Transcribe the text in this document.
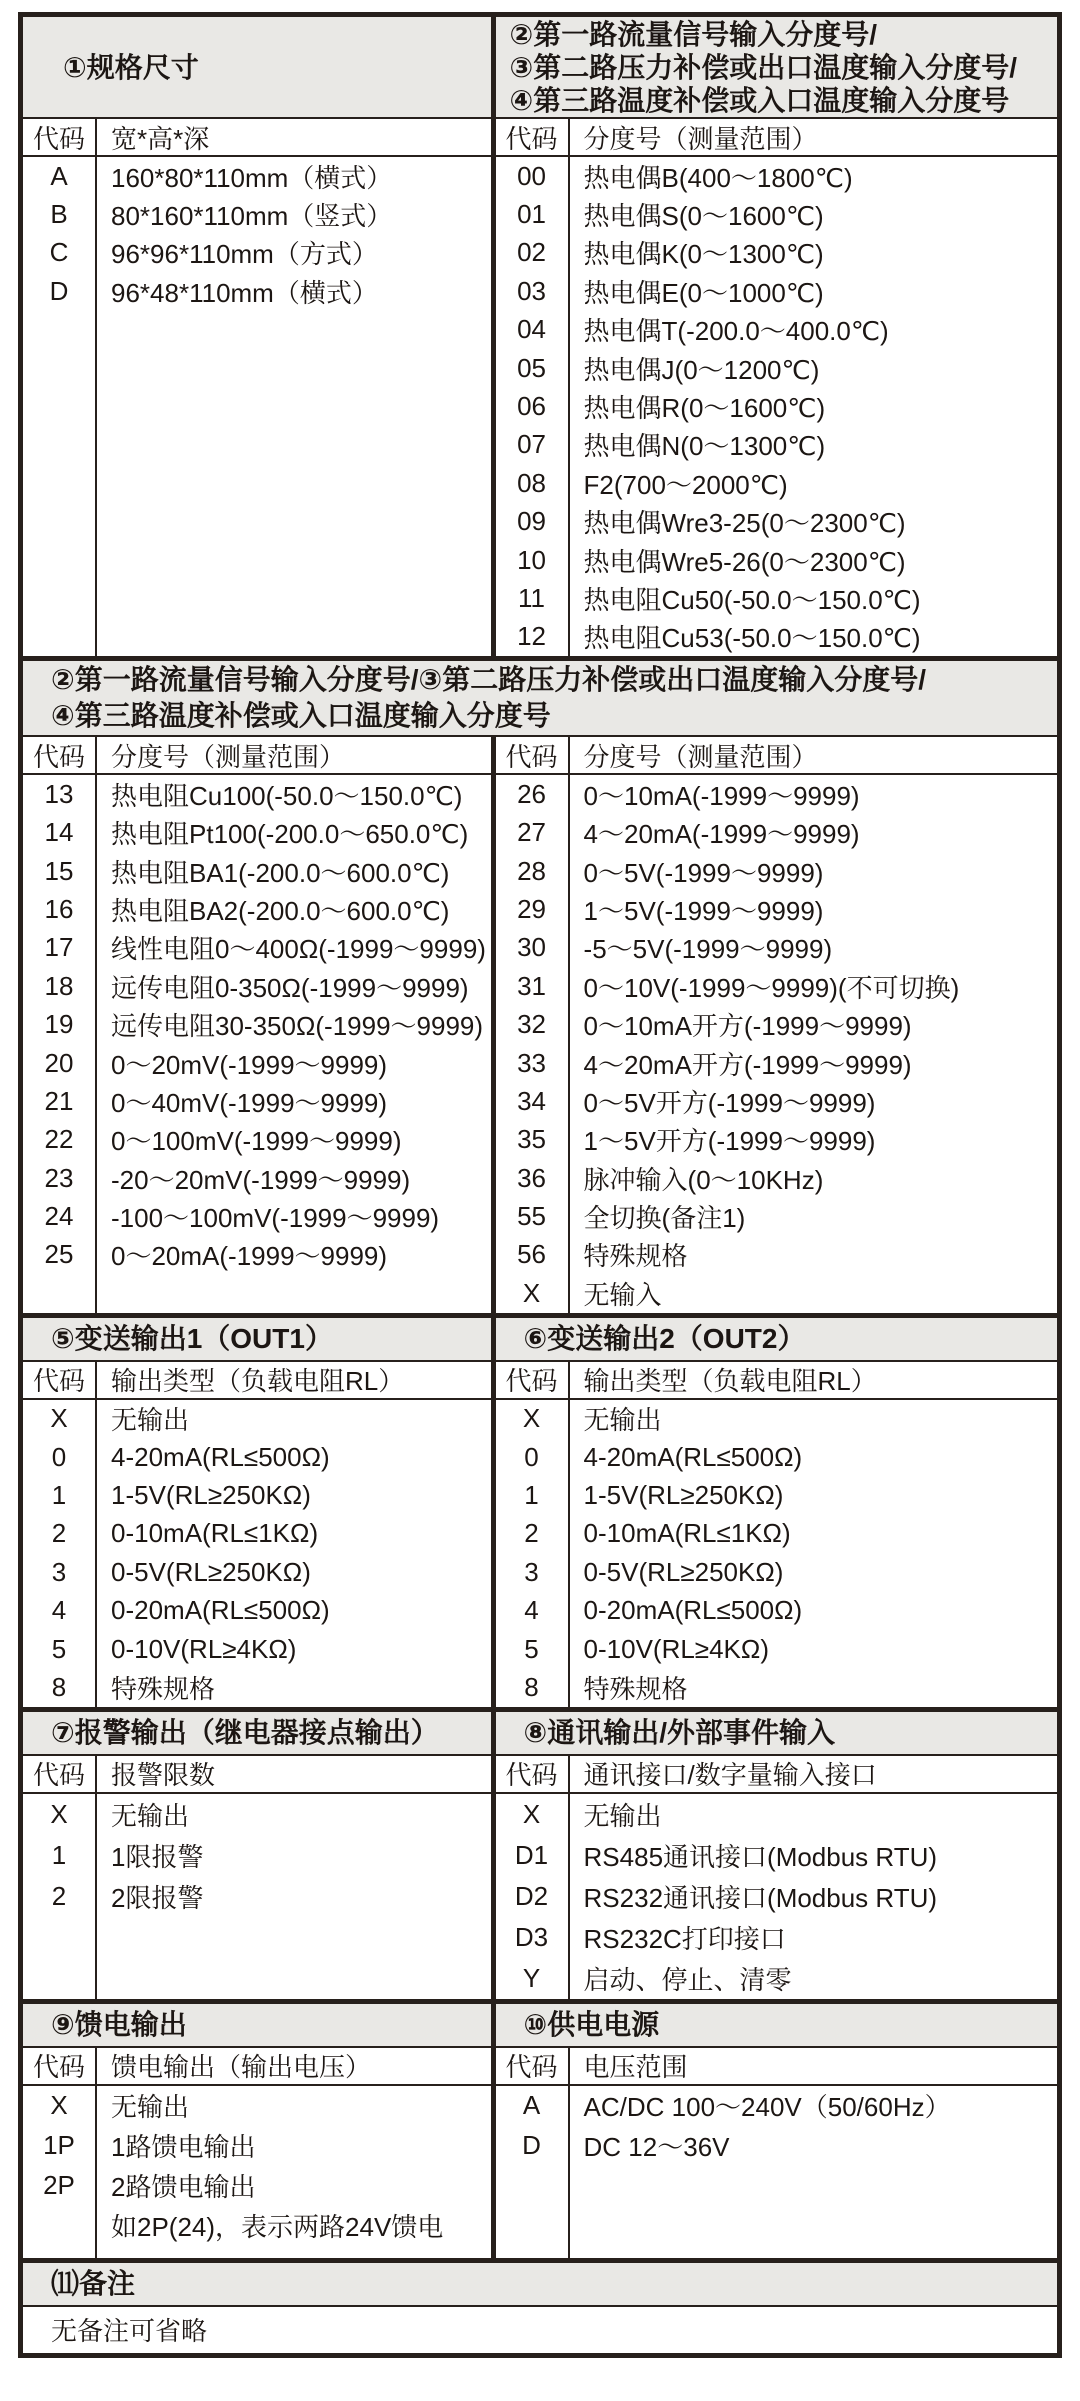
①规格尺寸
代码	宽*高*深
A	160*80*110mm（横式）
B	80*160*110mm（竖式）
C	96*96*110mm（方式）
D	96*48*110mm（横式）
②第一路流量信号输入分度号/
③第二路压力补偿或出口温度输入分度号/
④第三路温度补偿或入口温度输入分度号
代码	分度号（测量范围）
00	热电偶B(400～1800℃)
01	热电偶S(0～1600℃)
02	热电偶K(0～1300℃)
03	热电偶E(0～1000℃)
04	热电偶T(-200.0～400.0℃)
05	热电偶J(0～1200℃)
06	热电偶R(0～1600℃)
07	热电偶N(0～1300℃)
08	F2(700～2000℃)
09	热电偶Wre3-25(0～2300℃)
10	热电偶Wre5-26(0～2300℃)
11	热电阻Cu50(-50.0～150.0℃)
12	热电阻Cu53(-50.0～150.0℃)
②第一路流量信号输入分度号/③第二路压力补偿或出口温度输入分度号/
④第三路温度补偿或入口温度输入分度号
代码	分度号（测量范围）
13	热电阻Cu100(-50.0～150.0℃)
14	热电阻Pt100(-200.0～650.0℃)
15	热电阻BA1(-200.0～600.0℃)
16	热电阻BA2(-200.0～600.0℃)
17	线性电阻0～400Ω(-1999～9999)
18	远传电阻0-350Ω(-1999～9999)
19	远传电阻30-350Ω(-1999～9999)
20	0～20mV(-1999～9999)
21	0～40mV(-1999～9999)
22	0～100mV(-1999～9999)
23	-20～20mV(-1999～9999)
24	-100～100mV(-1999～9999)
25	0～20mA(-1999～9999)
代码	分度号（测量范围）
26	0～10mA(-1999～9999)
27	4～20mA(-1999～9999)
28	0～5V(-1999～9999)
29	1～5V(-1999～9999)
30	-5～5V(-1999～9999)
31	0～10V(-1999～9999)(不可切换)
32	0～10mA开方(-1999～9999)
33	4～20mA开方(-1999～9999)
34	0～5V开方(-1999～9999)
35	1～5V开方(-1999～9999)
36	脉冲输入(0～10KHz)
55	全切换(备注1)
56	特殊规格
X	无输入
⑤变送输出1（OUT1）
代码	输出类型（负载电阻RL）
X	无输出
0	4-20mA(RL≤500Ω)
1	1-5V(RL≥250KΩ)
2	0-10mA(RL≤1KΩ)
3	0-5V(RL≥250KΩ)
4	0-20mA(RL≤500Ω)
5	0-10V(RL≥4KΩ)
8	特殊规格
⑥变送输出2（OUT2）
代码	输出类型（负载电阻RL）
X	无输出
0	4-20mA(RL≤500Ω)
1	1-5V(RL≥250KΩ)
2	0-10mA(RL≤1KΩ)
3	0-5V(RL≥250KΩ)
4	0-20mA(RL≤500Ω)
5	0-10V(RL≥4KΩ)
8	特殊规格
⑦报警输出（继电器接点输出）
代码	报警限数
X	无输出
1	1限报警
2	2限报警
⑧通讯输出/外部事件输入
代码	通讯接口/数字量输入接口
X	无输出
D1	RS485通讯接口(Modbus RTU)
D2	RS232通讯接口(Modbus RTU)
D3	RS232C打印接口
Y	启动、停止、清零
⑨馈电输出
代码	馈电输出（输出电压）
X	无输出
1P	1路馈电输出
2P	2路馈电输出
如2P(24)，表示两路24V馈电
⑩供电电源
代码	电压范围
A	AC/DC 100～240V（50/60Hz）
D	DC 12～36V
⑾备注
无备注可省略
